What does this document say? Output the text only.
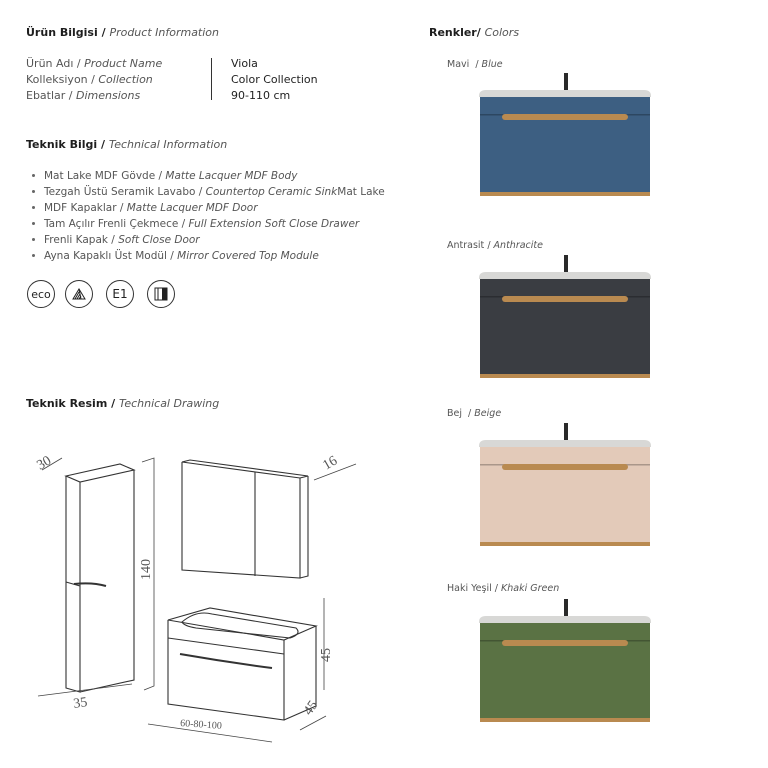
Ürün Bilgisi / Product Information
Ürün Adı / Product Name
Kolleksiyon / Collection
Ebatlar / Dimensions
Viola
Color Collection
90-110 cm
Teknik Bilgi / Technical Information
Mat Lake MDF Gövde / Matte Lacquer MDF Body
Tezgah Üstü Seramik Lavabo / Countertop Ceramic SinkMat Lake
MDF Kapaklar / Matte Lacquer MDF Door
Tam Açılır Frenli Çekmece / Full Extension Soft Close Drawer
Frenli Kapak / Soft Close Door
Ayna Kapaklı Üst Modül / Mirror Covered Top Module
eco	E1
Teknik Resim / Technical Drawing
30
140
35
16
45
45
60-80-100
Renkler/ Colors
Mavi  / Blue
Antrasit / Anthracite
Bej  / Beige
Haki Yeşil / Khaki Green
